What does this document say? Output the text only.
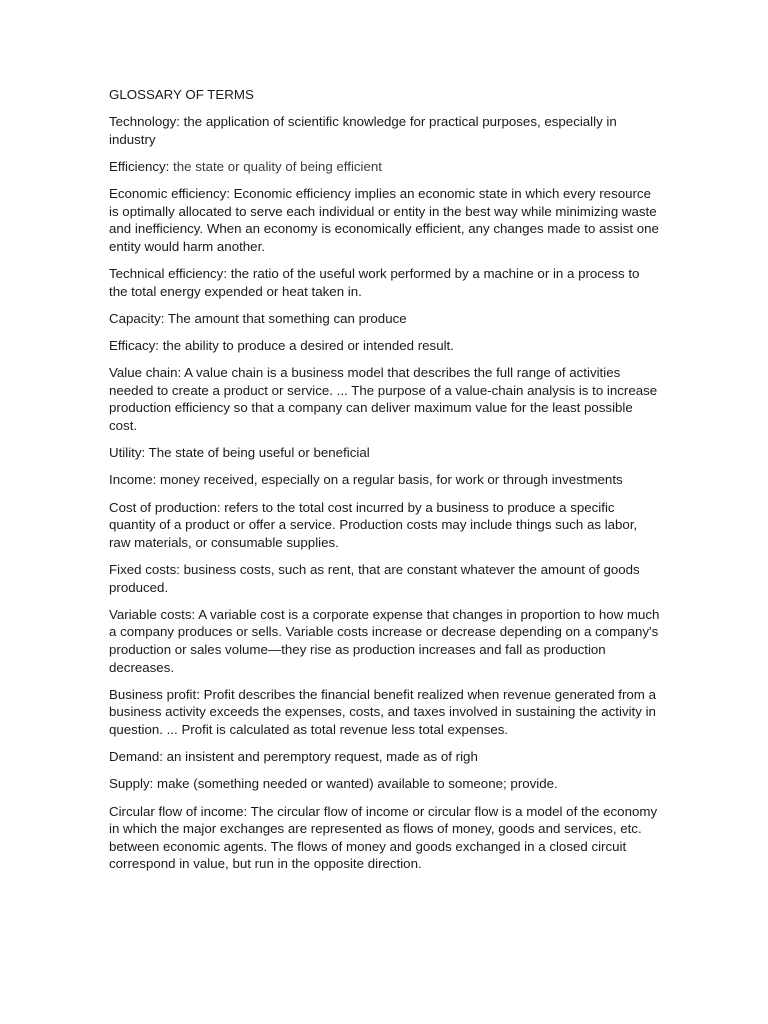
GLOSSARY OF TERMS

Technology: the application of scientific knowledge for practical purposes, especially in industry

Efficiency: the state or quality of being efficient

Economic efficiency: Economic efficiency implies an economic state in which every resource is optimally allocated to serve each individual or entity in the best way while minimizing waste and inefficiency. When an economy is economically efficient, any changes made to assist one entity would harm another.

Technical efficiency: the ratio of the useful work performed by a machine or in a process to the total energy expended or heat taken in.

Capacity: The amount that something can produce

Efficacy: the ability to produce a desired or intended result.

Value chain: A value chain is a business model that describes the full range of activities needed to create a product or service. ... The purpose of a value-chain analysis is to increase production efficiency so that a company can deliver maximum value for the least possible cost.

Utility: The state of being useful or beneficial

Income: money received, especially on a regular basis, for work or through investments

Cost of production: refers to the total cost incurred by a business to produce a specific quantity of a product or offer a service. Production costs may include things such as labor, raw materials, or consumable supplies.

Fixed costs: business costs, such as rent, that are constant whatever the amount of goods produced.

Variable costs: A variable cost is a corporate expense that changes in proportion to how much a company produces or sells. Variable costs increase or decrease depending on a company's production or sales volume—they rise as production increases and fall as production decreases.

Business profit: Profit describes the financial benefit realized when revenue generated from a business activity exceeds the expenses, costs, and taxes involved in sustaining the activity in question. ... Profit is calculated as total revenue less total expenses.

Demand: an insistent and peremptory request, made as of righ

Supply: make (something needed or wanted) available to someone; provide.

Circular flow of income: The circular flow of income or circular flow is a model of the economy in which the major exchanges are represented as flows of money, goods and services, etc. between economic agents. The flows of money and goods exchanged in a closed circuit correspond in value, but run in the opposite direction.
